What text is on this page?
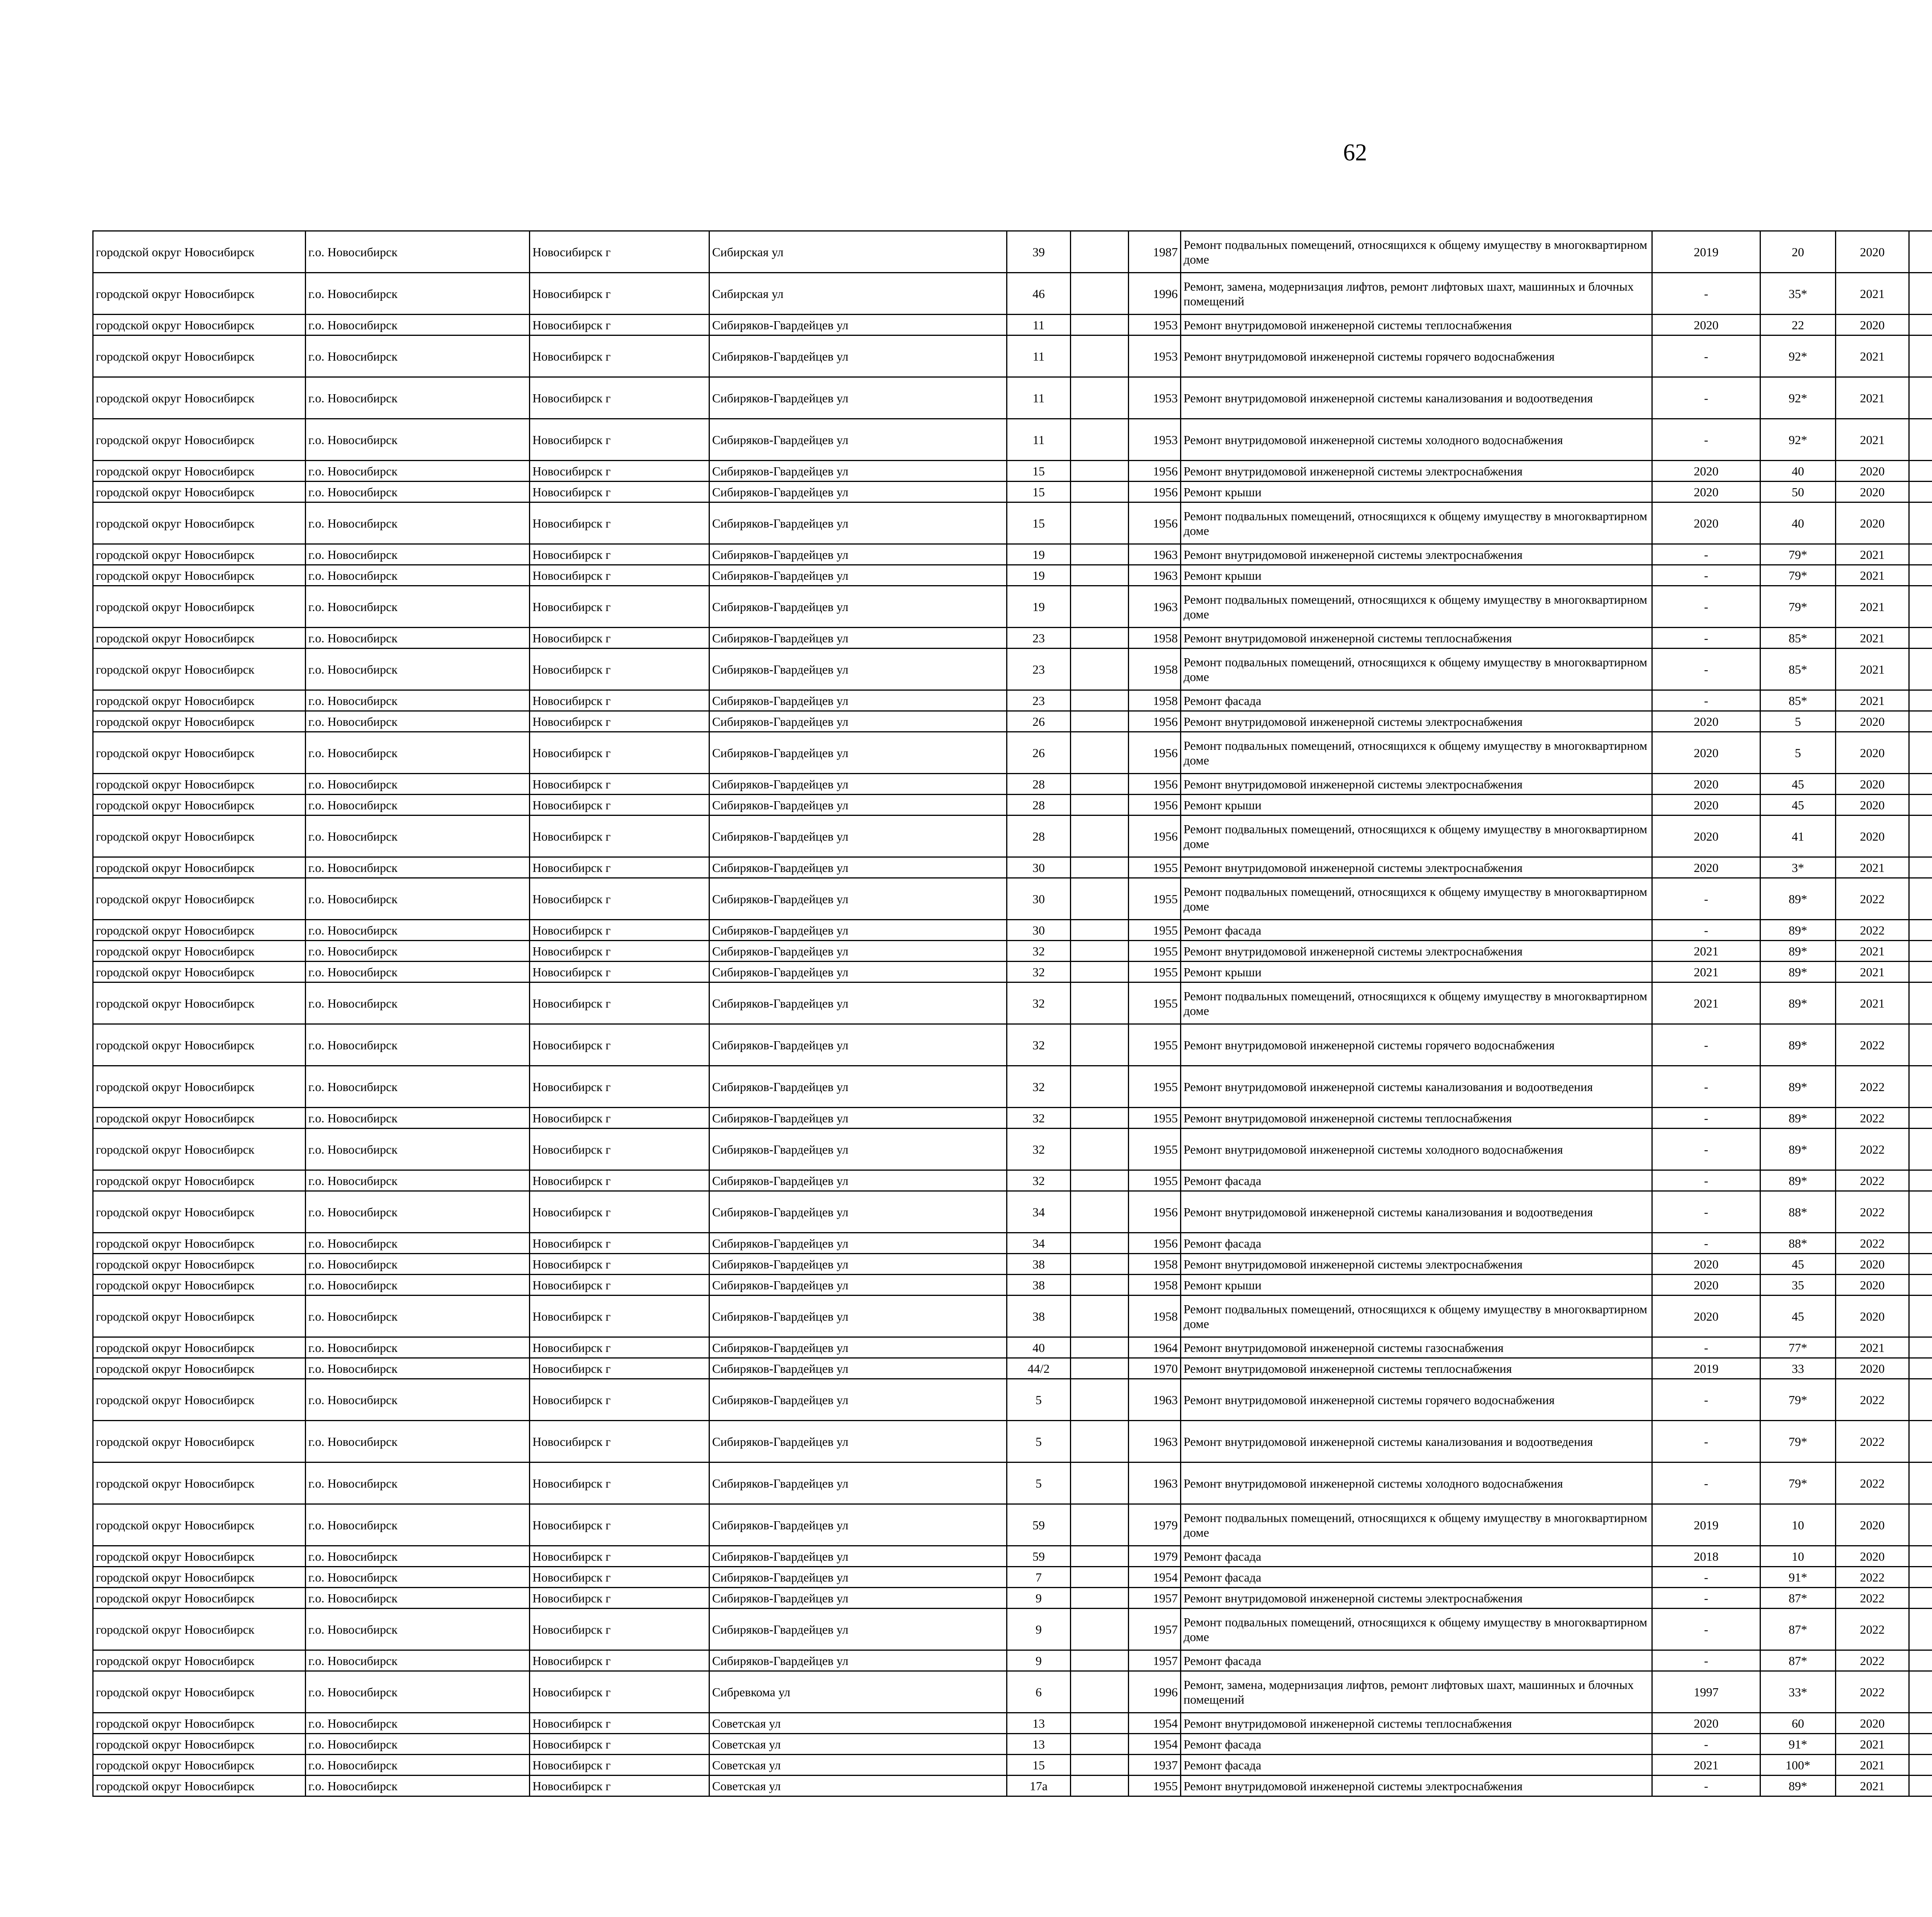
62
городской округ Новосибирск	г.о. Новосибирск	Новосибирск г	Сибирская ул	39		1987	Ремонт подвальных помещений, относящихся к общему имуществу в многоквартирном доме	2019	20	2020						
городской округ Новосибирск	г.о. Новосибирск	Новосибирск г	Сибирская ул	46		1996	Ремонт, замена, модернизация лифтов, ремонт лифтовых шахт, машинных и блочных помещений	-	35*	2021						
городской округ Новосибирск	г.о. Новосибирск	Новосибирск г	Сибиряков-Гвардейцев ул	11		1953	Ремонт внутридомовой инженерной системы теплоснабжения	2020	22	2020						
городской округ Новосибирск	г.о. Новосибирск	Новосибирск г	Сибиряков-Гвардейцев ул	11		1953	Ремонт внутридомовой инженерной системы горячего водоснабжения	-	92*	2021						
городской округ Новосибирск	г.о. Новосибирск	Новосибирск г	Сибиряков-Гвардейцев ул	11		1953	Ремонт внутридомовой инженерной системы канализования и водоотведения	-	92*	2021						
городской округ Новосибирск	г.о. Новосибирск	Новосибирск г	Сибиряков-Гвардейцев ул	11		1953	Ремонт внутридомовой инженерной системы холодного водоснабжения	-	92*	2021						
городской округ Новосибирск	г.о. Новосибирск	Новосибирск г	Сибиряков-Гвардейцев ул	15		1956	Ремонт внутридомовой инженерной системы электроснабжения	2020	40	2020						
городской округ Новосибирск	г.о. Новосибирск	Новосибирск г	Сибиряков-Гвардейцев ул	15		1956	Ремонт крыши	2020	50	2020						
городской округ Новосибирск	г.о. Новосибирск	Новосибирск г	Сибиряков-Гвардейцев ул	15		1956	Ремонт подвальных помещений, относящихся к общему имуществу в многоквартирном доме	2020	40	2020						
городской округ Новосибирск	г.о. Новосибирск	Новосибирск г	Сибиряков-Гвардейцев ул	19		1963	Ремонт внутридомовой инженерной системы электроснабжения	-	79*	2021						
городской округ Новосибирск	г.о. Новосибирск	Новосибирск г	Сибиряков-Гвардейцев ул	19		1963	Ремонт крыши	-	79*	2021						
городской округ Новосибирск	г.о. Новосибирск	Новосибирск г	Сибиряков-Гвардейцев ул	19		1963	Ремонт подвальных помещений, относящихся к общему имуществу в многоквартирном доме	-	79*	2021						
городской округ Новосибирск	г.о. Новосибирск	Новосибирск г	Сибиряков-Гвардейцев ул	23		1958	Ремонт внутридомовой инженерной системы теплоснабжения	-	85*	2021						
городской округ Новосибирск	г.о. Новосибирск	Новосибирск г	Сибиряков-Гвардейцев ул	23		1958	Ремонт подвальных помещений, относящихся к общему имуществу в многоквартирном доме	-	85*	2021						
городской округ Новосибирск	г.о. Новосибирск	Новосибирск г	Сибиряков-Гвардейцев ул	23		1958	Ремонт фасада	-	85*	2021						
городской округ Новосибирск	г.о. Новосибирск	Новосибирск г	Сибиряков-Гвардейцев ул	26		1956	Ремонт внутридомовой инженерной системы электроснабжения	2020	5	2020						
городской округ Новосибирск	г.о. Новосибирск	Новосибирск г	Сибиряков-Гвардейцев ул	26		1956	Ремонт подвальных помещений, относящихся к общему имуществу в многоквартирном доме	2020	5	2020						
городской округ Новосибирск	г.о. Новосибирск	Новосибирск г	Сибиряков-Гвардейцев ул	28		1956	Ремонт внутридомовой инженерной системы электроснабжения	2020	45	2020						
городской округ Новосибирск	г.о. Новосибирск	Новосибирск г	Сибиряков-Гвардейцев ул	28		1956	Ремонт крыши	2020	45	2020						
городской округ Новосибирск	г.о. Новосибирск	Новосибирск г	Сибиряков-Гвардейцев ул	28		1956	Ремонт подвальных помещений, относящихся к общему имуществу в многоквартирном доме	2020	41	2020						
городской округ Новосибирск	г.о. Новосибирск	Новосибирск г	Сибиряков-Гвардейцев ул	30		1955	Ремонт внутридомовой инженерной системы электроснабжения	2020	3*	2021						
городской округ Новосибирск	г.о. Новосибирск	Новосибирск г	Сибиряков-Гвардейцев ул	30		1955	Ремонт подвальных помещений, относящихся к общему имуществу в многоквартирном доме	-	89*	2022						
городской округ Новосибирск	г.о. Новосибирск	Новосибирск г	Сибиряков-Гвардейцев ул	30		1955	Ремонт фасада	-	89*	2022						
городской округ Новосибирск	г.о. Новосибирск	Новосибирск г	Сибиряков-Гвардейцев ул	32		1955	Ремонт внутридомовой инженерной системы электроснабжения	2021	89*	2021						
городской округ Новосибирск	г.о. Новосибирск	Новосибирск г	Сибиряков-Гвардейцев ул	32		1955	Ремонт крыши	2021	89*	2021						
городской округ Новосибирск	г.о. Новосибирск	Новосибирск г	Сибиряков-Гвардейцев ул	32		1955	Ремонт подвальных помещений, относящихся к общему имуществу в многоквартирном доме	2021	89*	2021						
городской округ Новосибирск	г.о. Новосибирск	Новосибирск г	Сибиряков-Гвардейцев ул	32		1955	Ремонт внутридомовой инженерной системы горячего водоснабжения	-	89*	2022						
городской округ Новосибирск	г.о. Новосибирск	Новосибирск г	Сибиряков-Гвардейцев ул	32		1955	Ремонт внутридомовой инженерной системы канализования и водоотведения	-	89*	2022						
городской округ Новосибирск	г.о. Новосибирск	Новосибирск г	Сибиряков-Гвардейцев ул	32		1955	Ремонт внутридомовой инженерной системы теплоснабжения	-	89*	2022						
городской округ Новосибирск	г.о. Новосибирск	Новосибирск г	Сибиряков-Гвардейцев ул	32		1955	Ремонт внутридомовой инженерной системы холодного водоснабжения	-	89*	2022						
городской округ Новосибирск	г.о. Новосибирск	Новосибирск г	Сибиряков-Гвардейцев ул	32		1955	Ремонт фасада	-	89*	2022						
городской округ Новосибирск	г.о. Новосибирск	Новосибирск г	Сибиряков-Гвардейцев ул	34		1956	Ремонт внутридомовой инженерной системы канализования и водоотведения	-	88*	2022						
городской округ Новосибирск	г.о. Новосибирск	Новосибирск г	Сибиряков-Гвардейцев ул	34		1956	Ремонт фасада	-	88*	2022						
городской округ Новосибирск	г.о. Новосибирск	Новосибирск г	Сибиряков-Гвардейцев ул	38		1958	Ремонт внутридомовой инженерной системы электроснабжения	2020	45	2020						
городской округ Новосибирск	г.о. Новосибирск	Новосибирск г	Сибиряков-Гвардейцев ул	38		1958	Ремонт крыши	2020	35	2020						
городской округ Новосибирск	г.о. Новосибирск	Новосибирск г	Сибиряков-Гвардейцев ул	38		1958	Ремонт подвальных помещений, относящихся к общему имуществу в многоквартирном доме	2020	45	2020						
городской округ Новосибирск	г.о. Новосибирск	Новосибирск г	Сибиряков-Гвардейцев ул	40		1964	Ремонт внутридомовой инженерной системы газоснабжения	-	77*	2021						
городской округ Новосибирск	г.о. Новосибирск	Новосибирск г	Сибиряков-Гвардейцев ул	44/2		1970	Ремонт внутридомовой инженерной системы теплоснабжения	2019	33	2020						
городской округ Новосибирск	г.о. Новосибирск	Новосибирск г	Сибиряков-Гвардейцев ул	5		1963	Ремонт внутридомовой инженерной системы горячего водоснабжения	-	79*	2022						
городской округ Новосибирск	г.о. Новосибирск	Новосибирск г	Сибиряков-Гвардейцев ул	5		1963	Ремонт внутридомовой инженерной системы канализования и водоотведения	-	79*	2022						
городской округ Новосибирск	г.о. Новосибирск	Новосибирск г	Сибиряков-Гвардейцев ул	5		1963	Ремонт внутридомовой инженерной системы холодного водоснабжения	-	79*	2022						
городской округ Новосибирск	г.о. Новосибирск	Новосибирск г	Сибиряков-Гвардейцев ул	59		1979	Ремонт подвальных помещений, относящихся к общему имуществу в многоквартирном доме	2019	10	2020						
городской округ Новосибирск	г.о. Новосибирск	Новосибирск г	Сибиряков-Гвардейцев ул	59		1979	Ремонт фасада	2018	10	2020						
городской округ Новосибирск	г.о. Новосибирск	Новосибирск г	Сибиряков-Гвардейцев ул	7		1954	Ремонт фасада	-	91*	2022						
городской округ Новосибирск	г.о. Новосибирск	Новосибирск г	Сибиряков-Гвардейцев ул	9		1957	Ремонт внутридомовой инженерной системы электроснабжения	-	87*	2022						
городской округ Новосибирск	г.о. Новосибирск	Новосибирск г	Сибиряков-Гвардейцев ул	9		1957	Ремонт подвальных помещений, относящихся к общему имуществу в многоквартирном доме	-	87*	2022						
городской округ Новосибирск	г.о. Новосибирск	Новосибирск г	Сибиряков-Гвардейцев ул	9		1957	Ремонт фасада	-	87*	2022						
городской округ Новосибирск	г.о. Новосибирск	Новосибирск г	Сибревкома ул	6		1996	Ремонт, замена, модернизация лифтов, ремонт лифтовых шахт, машинных и блочных помещений	1997	33*	2022						
городской округ Новосибирск	г.о. Новосибирск	Новосибирск г	Советская ул	13		1954	Ремонт внутридомовой инженерной системы теплоснабжения	2020	60	2020						
городской округ Новосибирск	г.о. Новосибирск	Новосибирск г	Советская ул	13		1954	Ремонт фасада	-	91*	2021						
городской округ Новосибирск	г.о. Новосибирск	Новосибирск г	Советская ул	15		1937	Ремонт фасада	2021	100*	2021						
городской округ Новосибирск	г.о. Новосибирск	Новосибирск г	Советская ул	17а		1955	Ремонт внутридомовой инженерной системы электроснабжения	-	89*	2021						
